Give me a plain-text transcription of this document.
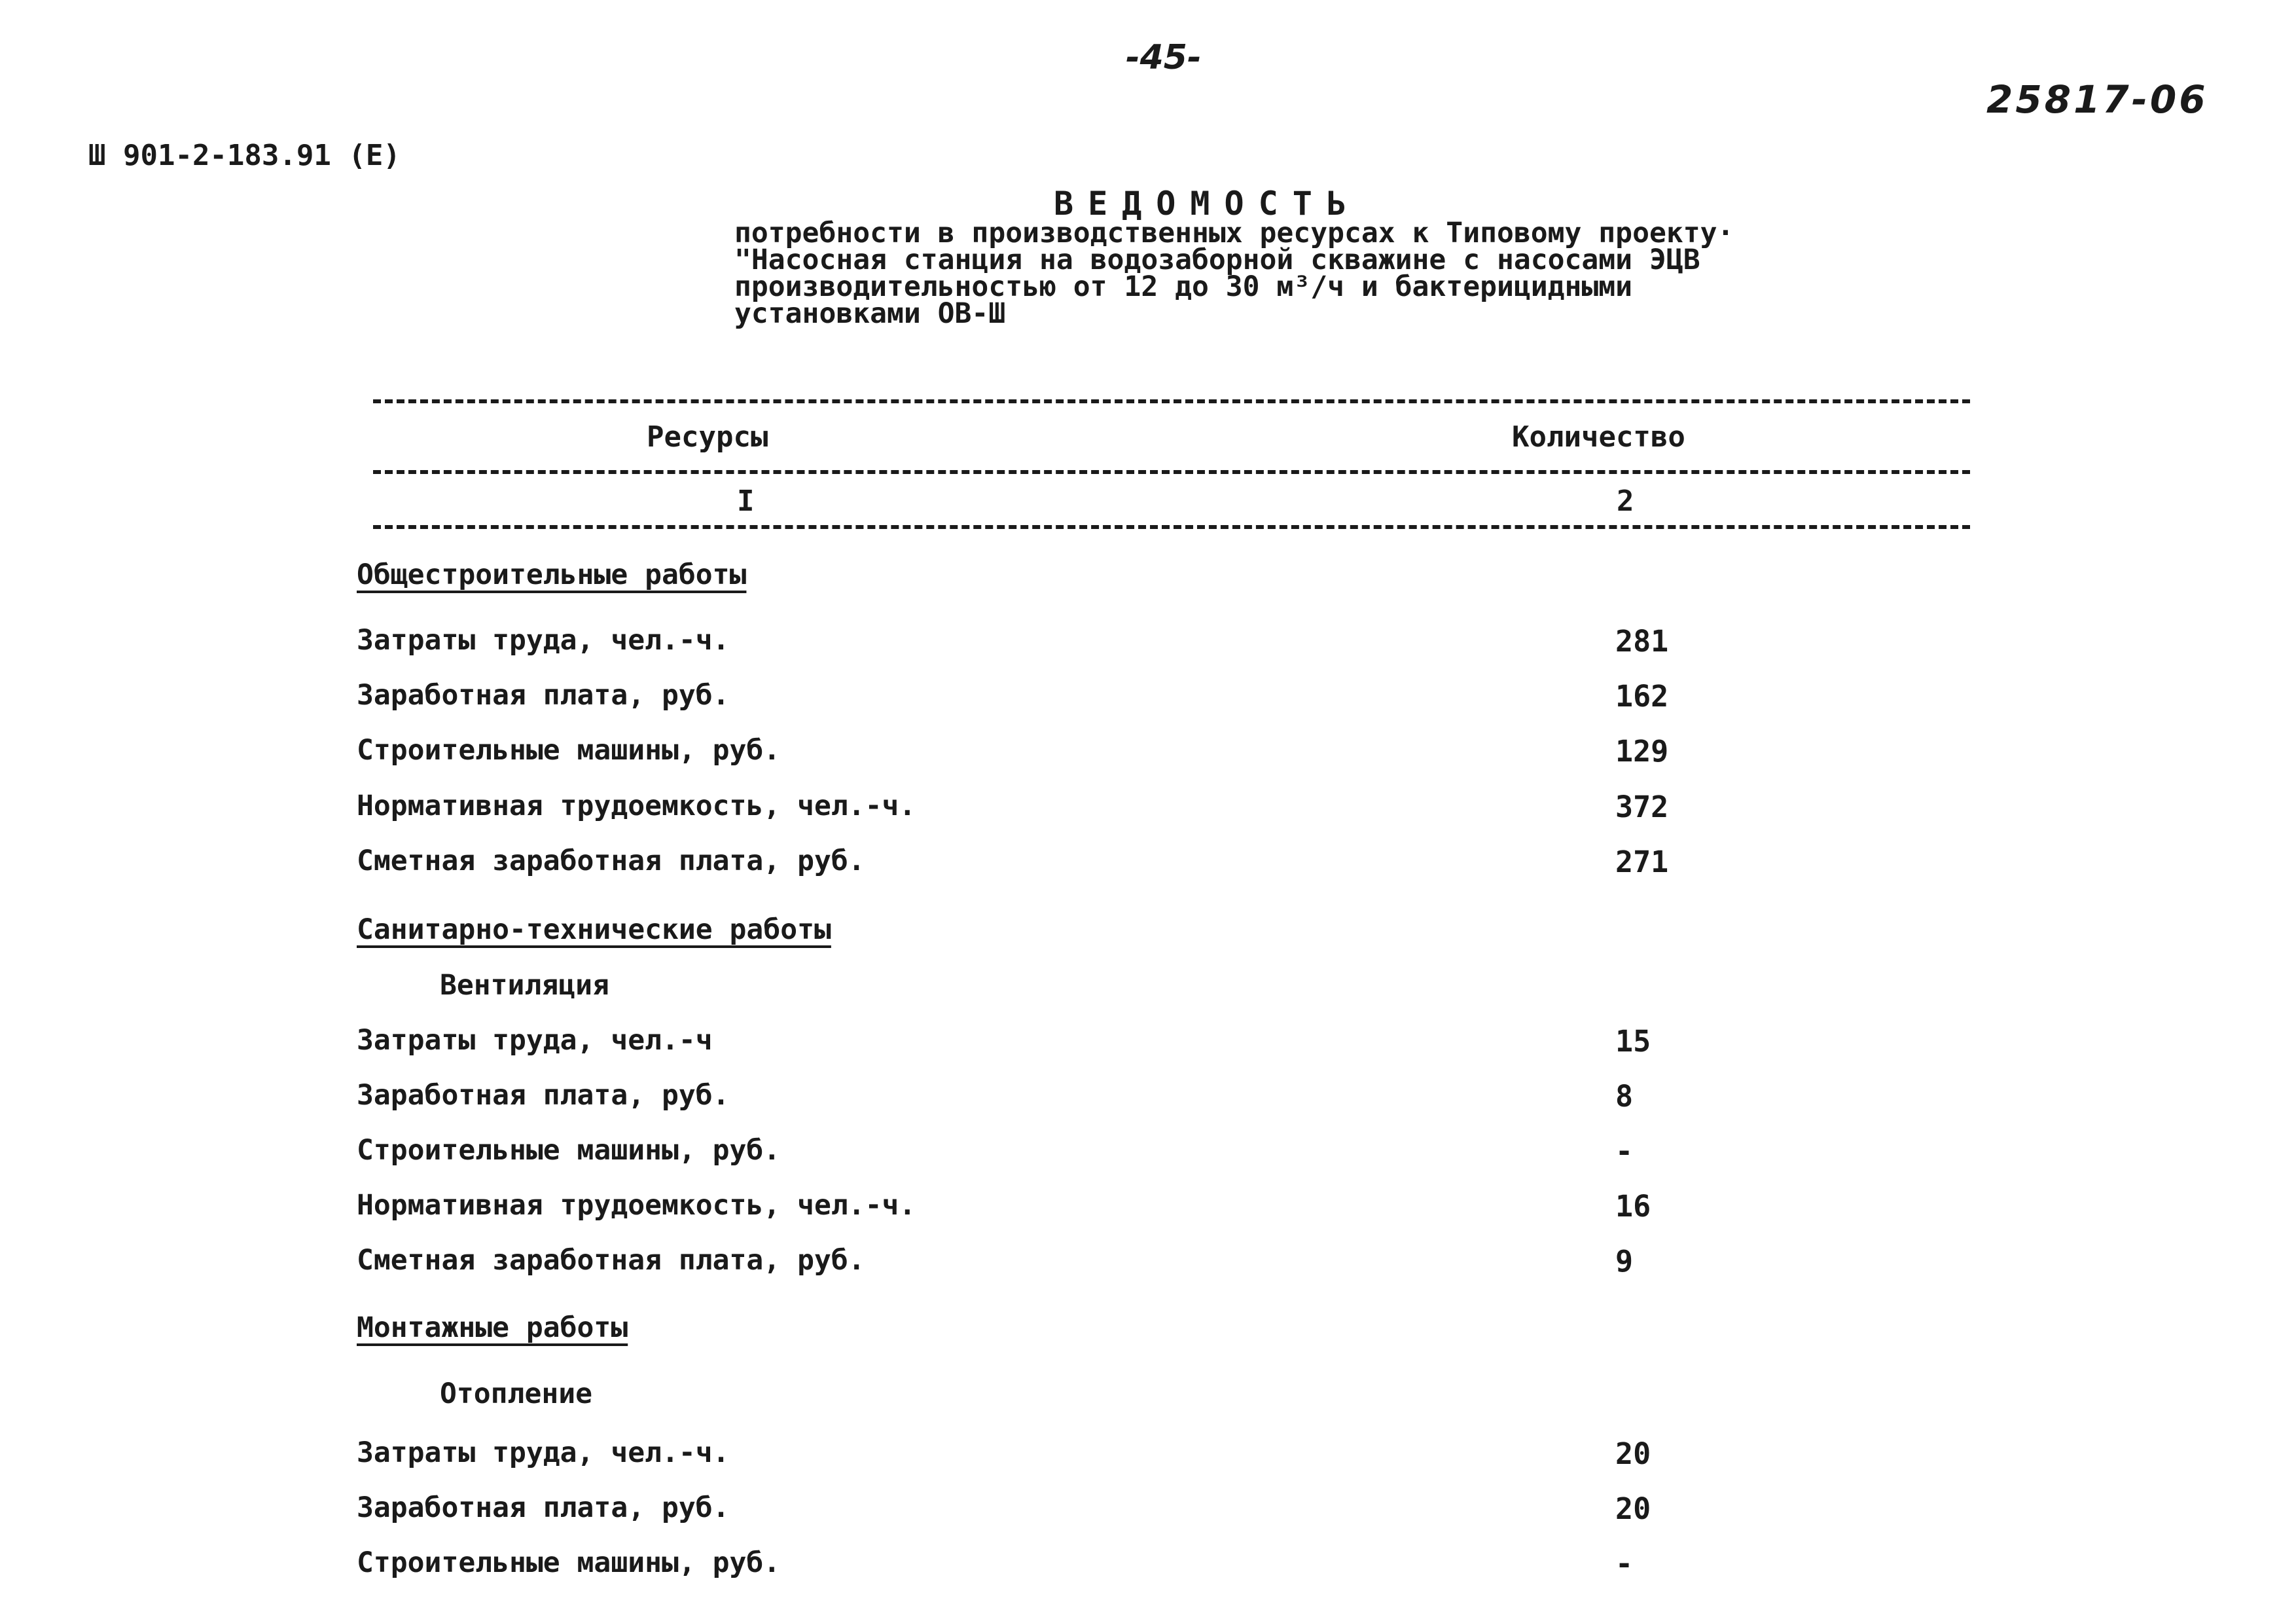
-45-
25817-06
Ш 901-2-183.91 (Е)
ВЕДОМОСТЬ
потребности в производственных ресурсах к Типовому проекту·
"Насосная станция на водозаборной скважине с насосами ЭЦВ
производительностью от 12 до 30 м³/ч и бактерицидными
установками ОВ-Ш
Ресурсы	Количество
I	2
Общестроительные работы
Затраты труда, чел.-ч.	281
Заработная плата, руб.	162
Строительные машины, руб.	129
Нормативная трудоемкость, чел.-ч.	372
Сметная заработная плата, руб.	271
Санитарно-технические работы
Вентиляция
Затраты труда, чел.-ч	15
Заработная плата, руб.	8
Строительные машины, руб.	-
Нормативная трудоемкость, чел.-ч.	16
Сметная заработная плата, руб.	9
Монтажные работы
Отопление
Затраты труда, чел.-ч.	20
Заработная плата, руб.	20
Строительные машины, руб.	-
